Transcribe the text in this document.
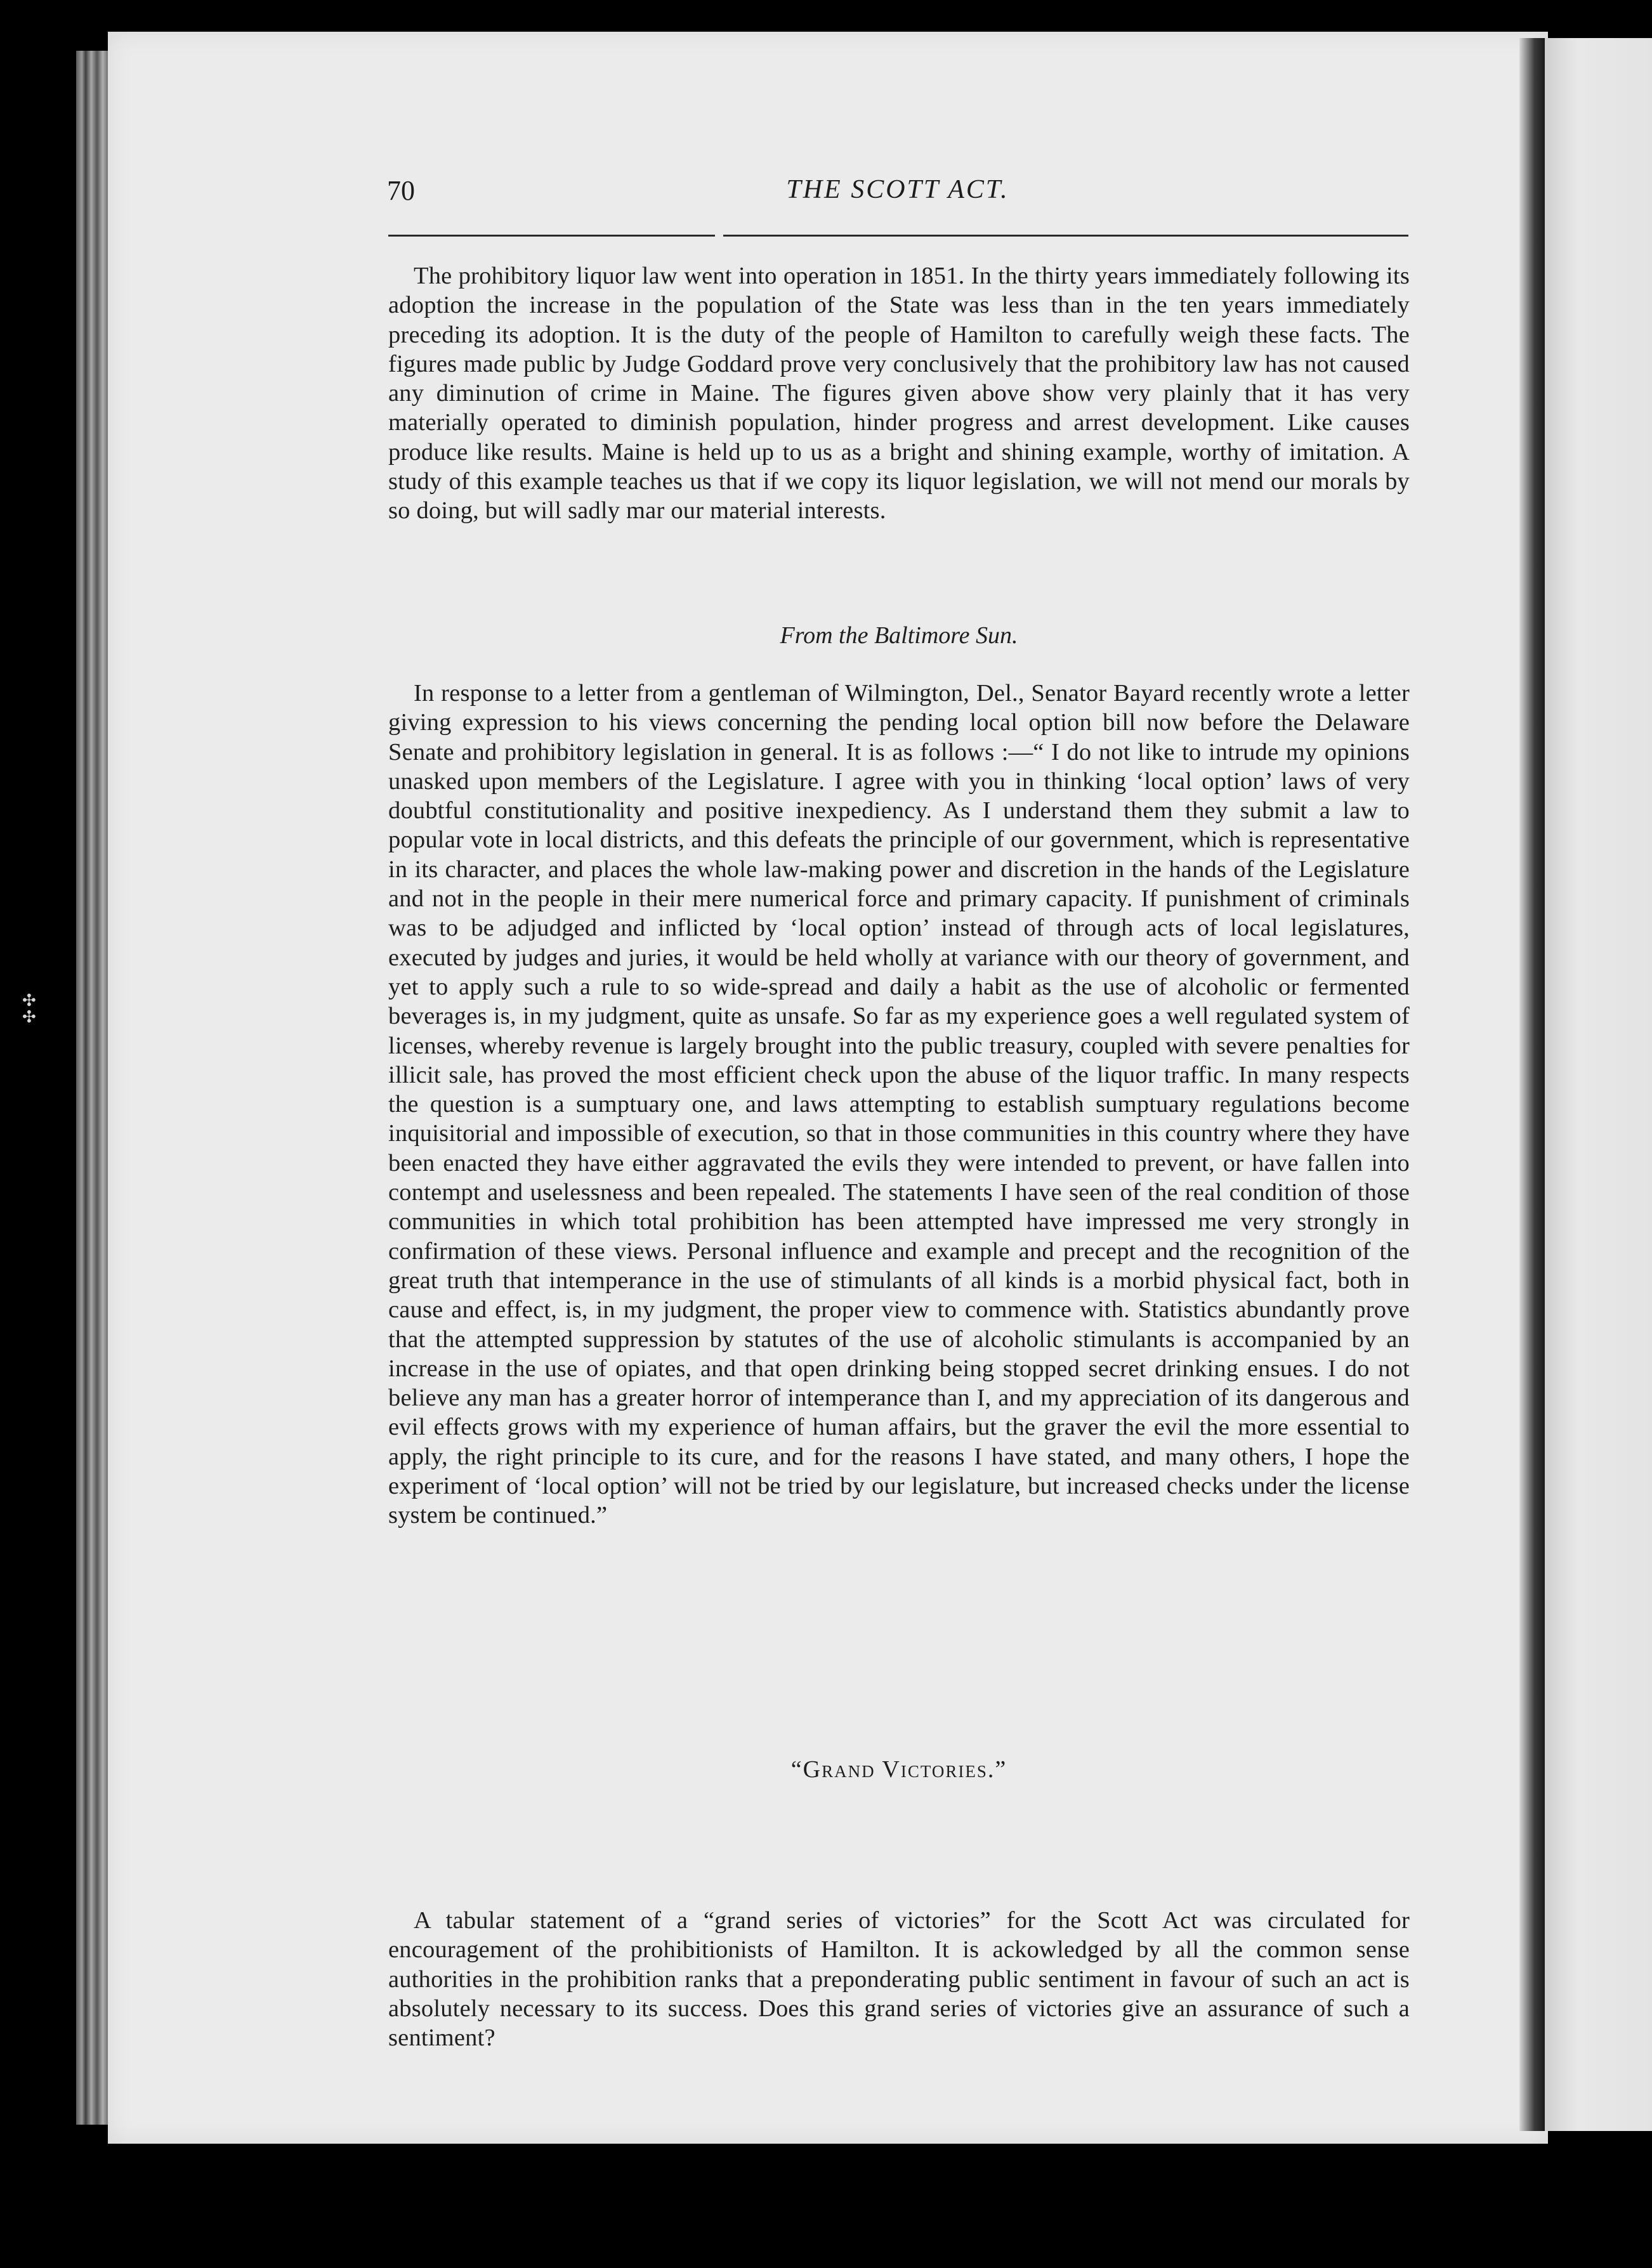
✣
✣
70	THE SCOTT ACT.

The prohibitory liquor law went into operation in 1851. In the thirty years immediately following its adoption the increase in the population of the State was less than in the ten years immediately preceding its adoption. It is the duty of the people of Hamilton to carefully weigh these facts. The figures made public by Judge Goddard prove very conclusively that the prohibitory law has not caused any diminution of crime in Maine. The figures given above show very plainly that it has very materially operated to diminish population, hinder progress and arrest development. Like causes produce like results. Maine is held up to us as a bright and shining example, worthy of imitation. A study of this example teaches us that if we copy its liquor legislation, we will not mend our morals by so doing, but will sadly mar our material interests.

From the Baltimore Sun.

In response to a letter from a gentleman of Wilmington, Del., Senator Bayard recently wrote a letter giving expression to his views concerning the pending local option bill now before the Delaware Senate and prohibitory legislation in general. It is as follows :—“ I do not like to intrude my opinions unasked upon members of the Legislature. I agree with you in thinking ‘local option’ laws of very doubtful constitutionality and positive inexpediency. As I understand them they submit a law to popular vote in local districts, and this defeats the principle of our government, which is representative in its character, and places the whole law-making power and discretion in the hands of the Legislature and not in the people in their mere numerical force and primary capacity. If punishment of criminals was to be adjudged and inflicted by ‘local option’ instead of through acts of local legislatures, executed by judges and juries, it would be held wholly at variance with our theory of government, and yet to apply such a rule to so wide-spread and daily a habit as the use of alcoholic or fermented beverages is, in my judgment, quite as unsafe. So far as my experience goes a well regulated system of licenses, whereby revenue is largely brought into the public treasury, coupled with severe penalties for illicit sale, has proved the most efficient check upon the abuse of the liquor traffic. In many respects the question is a sumptuary one, and laws attempting to establish sumptuary regulations become inquisitorial and impossible of execution, so that in those communities in this country where they have been enacted they have either aggravated the evils they were intended to prevent, or have fallen into contempt and uselessness and been repealed. The statements I have seen of the real condition of those communities in which total prohibition has been attempted have impressed me very strongly in confirmation of these views. Personal influence and example and precept and the recognition of the great truth that intemperance in the use of stimulants of all kinds is a morbid physical fact, both in cause and effect, is, in my judgment, the proper view to commence with. Statistics abundantly prove that the attempted suppression by statutes of the use of alcoholic stimulants is accompanied by an increase in the use of opiates, and that open drinking being stopped secret drinking ensues. I do not believe any man has a greater horror of intemperance than I, and my appreciation of its dangerous and evil effects grows with my experience of human affairs, but the graver the evil the more essential to apply, the right principle to its cure, and for the reasons I have stated, and many others, I hope the experiment of ‘local option’ will not be tried by our legislature, but increased checks under the license system be continued.”

“Grand Victories.”

A tabular statement of a “grand series of victories” for the Scott Act was circulated for encouragement of the prohibitionists of Hamilton. It is ackowledged by all the common sense authorities in the prohibition ranks that a preponderating public sentiment in favour of such an act is absolutely necessary to its success. Does this grand series of victories give an assurance of such a sentiment?
